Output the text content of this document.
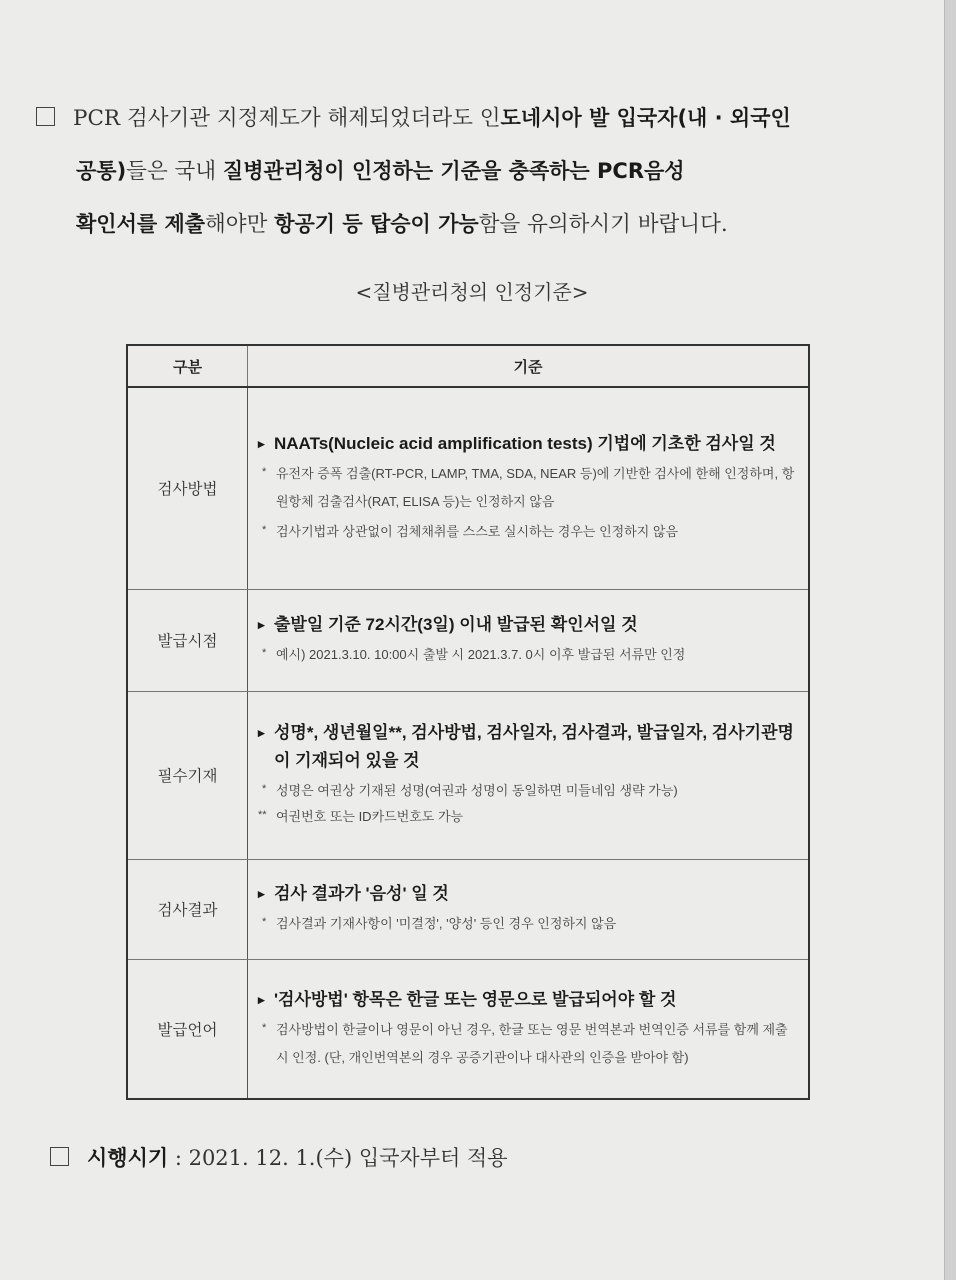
PCR 검사기관 지정제도가 해제되었더라도 인도네시아 발 입국자(내 · 외국인
공통)들은 국내 질병관리청이 인정하는 기준을 충족하는 PCR음성
확인서를 제출해야만 항공기 등 탑승이 가능함을 유의하시기 바랍니다.
<질병관리청의 인정기준>
구분	기준
검사방법	▸ NAATs(Nucleic acid amplification tests) 기법에 기초한 검사일 것
* 유전자 증폭 검출(RT-PCR, LAMP, TMA, SDA, NEAR 등)에 기반한 검사에 한해 인정하며, 항원항체 검출검사(RAT, ELISA 등)는 인정하지 않음
* 검사기법과 상관없이 검체채취를 스스로 실시하는 경우는 인정하지 않음

발급시점	▸ 출발일 기준 72시간(3일) 이내 발급된 확인서일 것
* 예시) 2021.3.10. 10:00시 출발 시 2021.3.7. 0시 이후 발급된 서류만 인정

필수기재	▸ 성명*, 생년월일**, 검사방법, 검사일자, 검사결과, 발급일자, 검사기관명이 기재되어 있을 것
* 성명은 여권상 기재된 성명(여권과 성명이 동일하면 미들네임 생략 가능)
** 여권번호 또는 ID카드번호도 가능

검사결과	▸ 검사 결과가 '음성' 일 것
* 검사결과 기재사항이 '미결정', '양성' 등인 경우 인정하지 않음

발급언어	▸ '검사방법' 항목은 한글 또는 영문으로 발급되어야 할 것
* 검사방법이 한글이나 영문이 아닌 경우, 한글 또는 영문 번역본과 번역인증 서류를 함께 제출 시 인정. (단, 개인번역본의 경우 공증기관이나 대사관의 인증을 받아야 함)
시행시기 : 2021. 12. 1.(수) 입국자부터 적용
